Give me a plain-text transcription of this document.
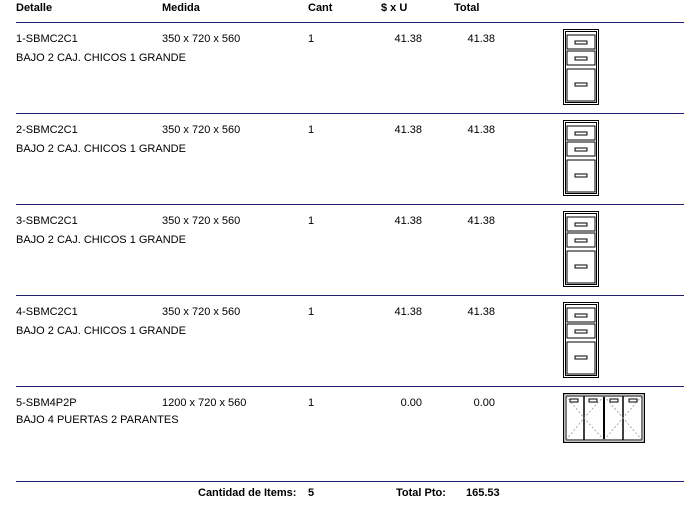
Detalle	Medida	Cant	$ x U	Total
1-SBMC2C1	350 x 720 x 560	1	41.38	41.38
BAJO 2 CAJ. CHICOS 1 GRANDE
2-SBMC2C1	350 x 720 x 560	1	41.38	41.38
BAJO 2 CAJ. CHICOS 1 GRANDE
3-SBMC2C1	350 x 720 x 560	1	41.38	41.38
BAJO 2 CAJ. CHICOS 1 GRANDE
4-SBMC2C1	350 x 720 x 560	1	41.38	41.38
BAJO 2 CAJ. CHICOS 1 GRANDE
5-SBM4P2P	1200 x 720 x 560	1	0.00	0.00
BAJO 4 PUERTAS 2 PARANTES
Cantidad de Items: 5	Total Pto: 165.53
